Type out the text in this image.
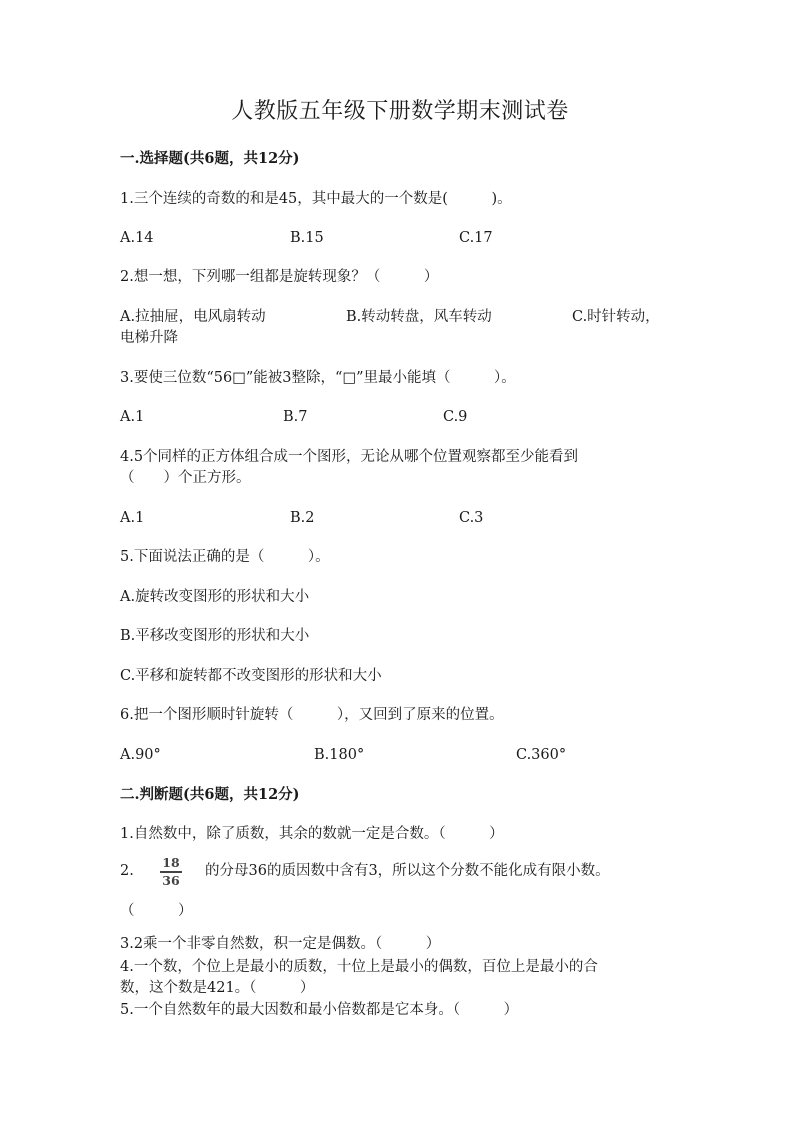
人教版五年级下册数学期末测试卷
一.选择题(共6题，共12分)
1.三个连续的奇数的和是45，其中最大的一个数是(　　　)。
A.14	B.15	C.17
2.想一想，下列哪一组都是旋转现象？（　　　）
A.拉抽屉，电风扇转动	B.转动转盘，风车转动	C.时针转动，
电梯升降
3.要使三位数“56□”能被3整除，“□”里最小能填（　　　）。
A.1	B.7	C.9
4.5个同样的正方体组合成一个图形，无论从哪个位置观察都至少能看到
（　　）个正方形。
A.1	B.2	C.3
5.下面说法正确的是（　　　）。
A.旋转改变图形的形状和大小
B.平移改变图形的形状和大小
C.平移和旋转都不改变图形的形状和大小
6.把一个图形顺时针旋转（　　　），又回到了原来的位置。
A.90°	B.180°	C.360°
二.判断题(共6题，共12分)
1.自然数中，除了质数，其余的数就一定是合数。（　　　）
2.
18
36
的分母36的质因数中含有3，所以这个分数不能化成有限小数。
（　　　）
3.2乘一个非零自然数，积一定是偶数。（　　　）
4.一个数，个位上是最小的质数，十位上是最小的偶数，百位上是最小的合
数，这个数是421。（　　　）
5.一个自然数年的最大因数和最小倍数都是它本身。（　　　）
